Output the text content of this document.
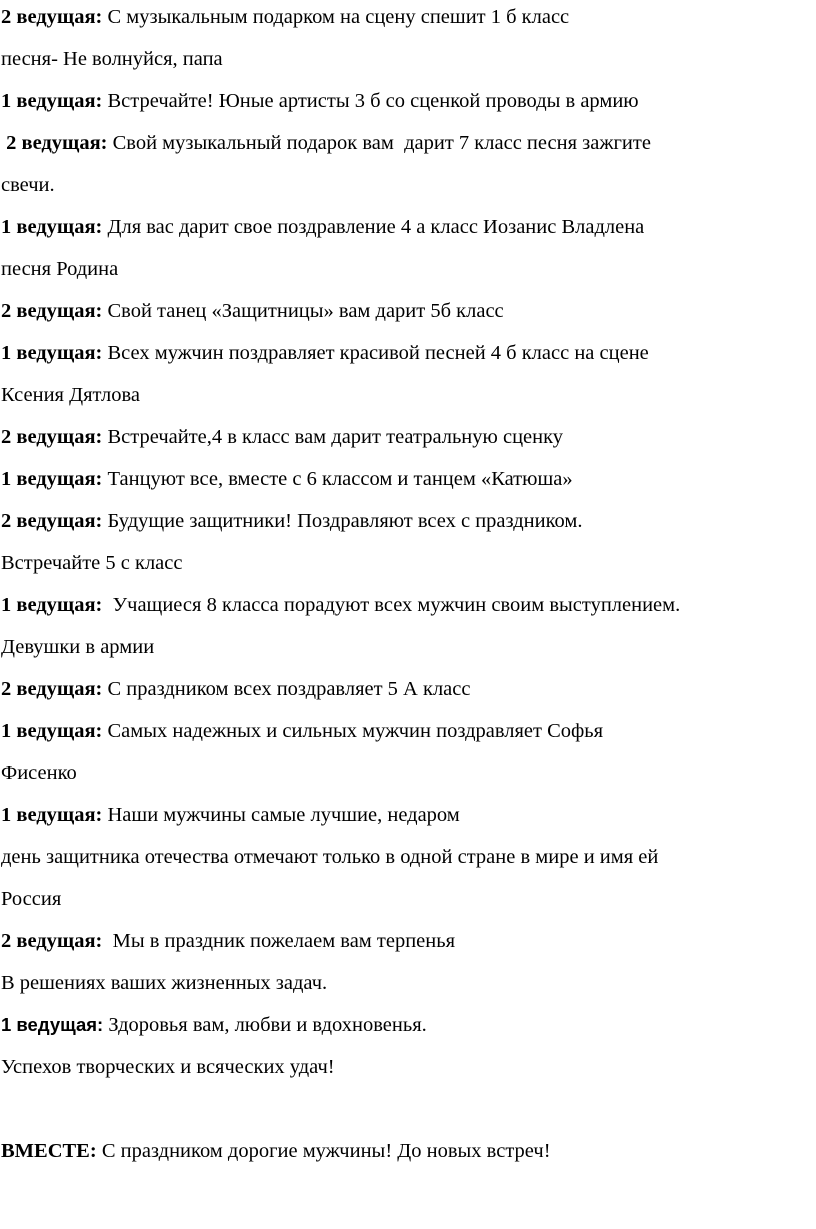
2 ведущая: С музыкальным подарком на сцену спешит 1 б класс
песня- Не волнуйся, папа
1 ведущая: Встречайте! Юные артисты 3 б со сценкой проводы в армию
2 ведущая: Свой музыкальный подарок вам  дарит 7 класс песня зажгите
свечи.
1 ведущая: Для вас дарит свое поздравление 4 а класс Иозанис Владлена
песня Родина
2 ведущая: Свой танец «Защитницы» вам дарит 5б класс
1 ведущая: Всех мужчин поздравляет красивой песней 4 б класс на сцене
Ксения Дятлова
2 ведущая: Встречайте,4 в класс вам дарит театральную сценку
1 ведущая: Танцуют все, вместе с 6 классом и танцем «Катюша»
2 ведущая: Будущие защитники! Поздравляют всех с праздником.
Встречайте 5 с класс
1 ведущая:  Учащиеся 8 класса порадуют всех мужчин своим выступлением.
Девушки в армии
2 ведущая: С праздником всех поздравляет 5 А класс
1 ведущая: Самых надежных и сильных мужчин поздравляет Софья
Фисенко
1 ведущая: Наши мужчины самые лучшие, недаром
день защитника отечества отмечают только в одной стране в мире и имя ей
Россия
2 ведущая:  Мы в праздник пожелаем вам терпенья
В решениях ваших жизненных задач.
1 ведущая: Здоровья вам, любви и вдохновенья.
Успехов творческих и всяческих удач!
ВМЕСТЕ: С праздником дорогие мужчины! До новых встреч!
